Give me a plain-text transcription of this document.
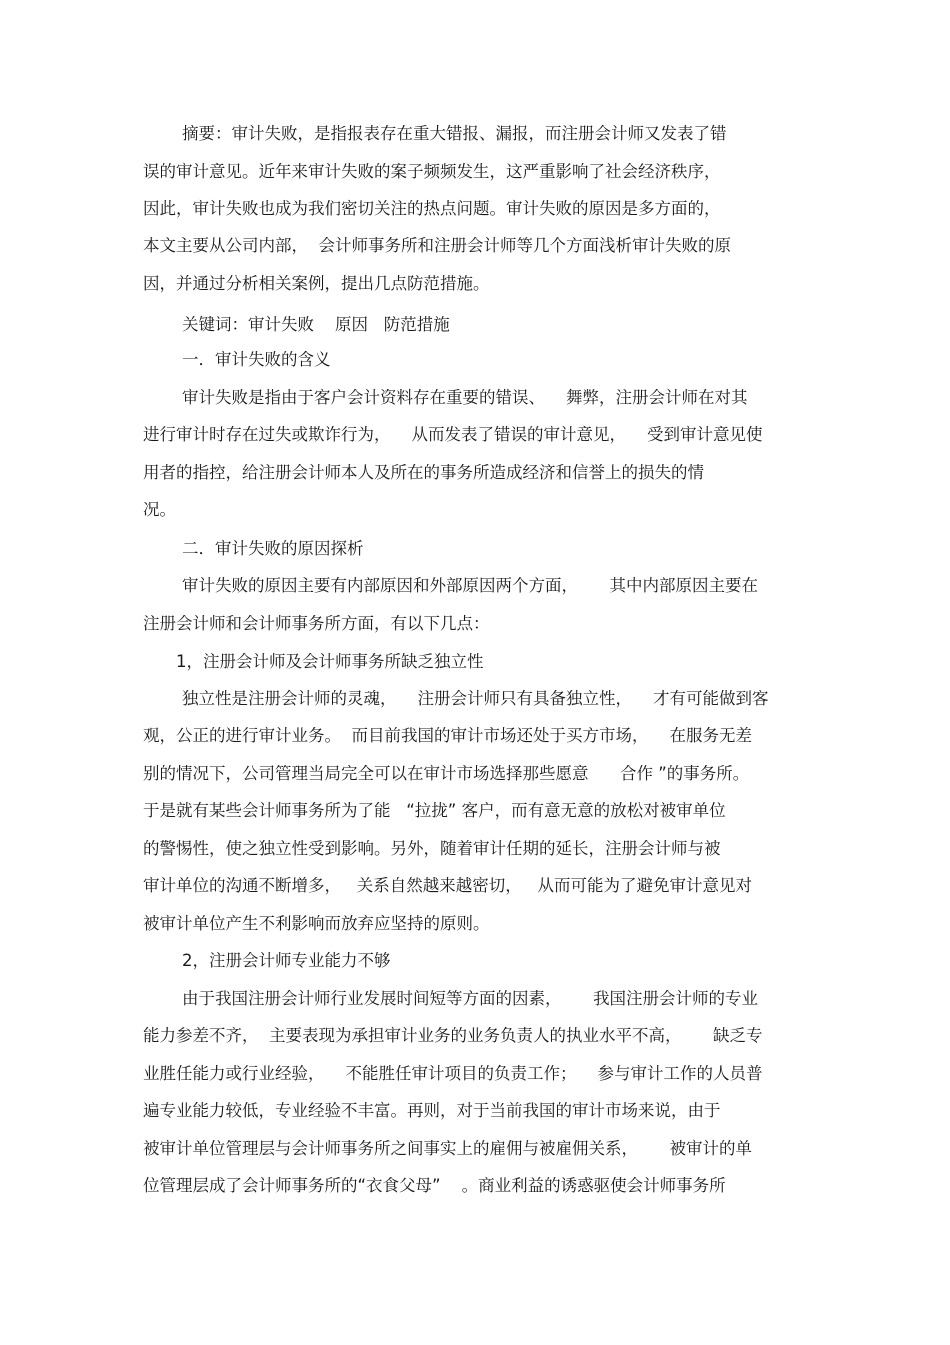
摘要：审计失败，是指报表存在重大错报、漏报，而注册会计师又发表了错
误的审计意见。近年来审计失败的案子频频发生，这严重影响了社会经济秩序，
因此，审计失败也成为我们密切关注的热点问题。审计失败的原因是多方面的，
本文主要从公司内部，  会计师事务所和注册会计师等几个方面浅析审计失败的原
因，并通过分析相关案例，提出几点防范措施。
关键词：审计失败    原因   防范措施
一．审计失败的含义
审计失败是指由于客户会计资料存在重要的错误、    舞弊，注册会计师在对其
进行审计时存在过失或欺诈行为，    从而发表了错误的审计意见，    受到审计意见使
用者的指控，给注册会计师本人及所在的事务所造成经济和信誉上的损失的情
况。
二．审计失败的原因探析
审计失败的原因主要有内部原因和外部原因两个方面，      其中内部原因主要在
注册会计师和会计师事务所方面，有以下几点：
1，注册会计师及会计师事务所缺乏独立性
独立性是注册会计师的灵魂，    注册会计师只有具备独立性，    才有可能做到客
观，公正的进行审计业务。  而目前我国的审计市场还处于买方市场，    在服务无差
别的情况下，公司管理当局完全可以在审计市场选择那些愿意      合作 ”的事务所。
于是就有某些会计师事务所为了能   “拉拢” 客户，而有意无意的放松对被审单位
的警惕性，使之独立性受到影响。另外，随着审计任期的延长，注册会计师与被
审计单位的沟通不断增多，   关系自然越来越密切，   从而可能为了避免审计意见对
被审计单位产生不利影响而放弃应坚持的原则。
2，注册会计师专业能力不够
由于我国注册会计师行业发展时间短等方面的因素，      我国注册会计师的专业
能力参差不齐，  主要表现为承担审计业务的业务负责人的执业水平不高，      缺乏专
业胜任能力或行业经验，    不能胜任审计项目的负责工作；    参与审计工作的人员普
遍专业能力较低，专业经验不丰富。再则，对于当前我国的审计市场来说，由于
被审计单位管理层与会计师事务所之间事实上的雇佣与被雇佣关系，      被审计的单
位管理层成了会计师事务所的“衣食父母”    。商业利益的诱惑驱使会计师事务所
